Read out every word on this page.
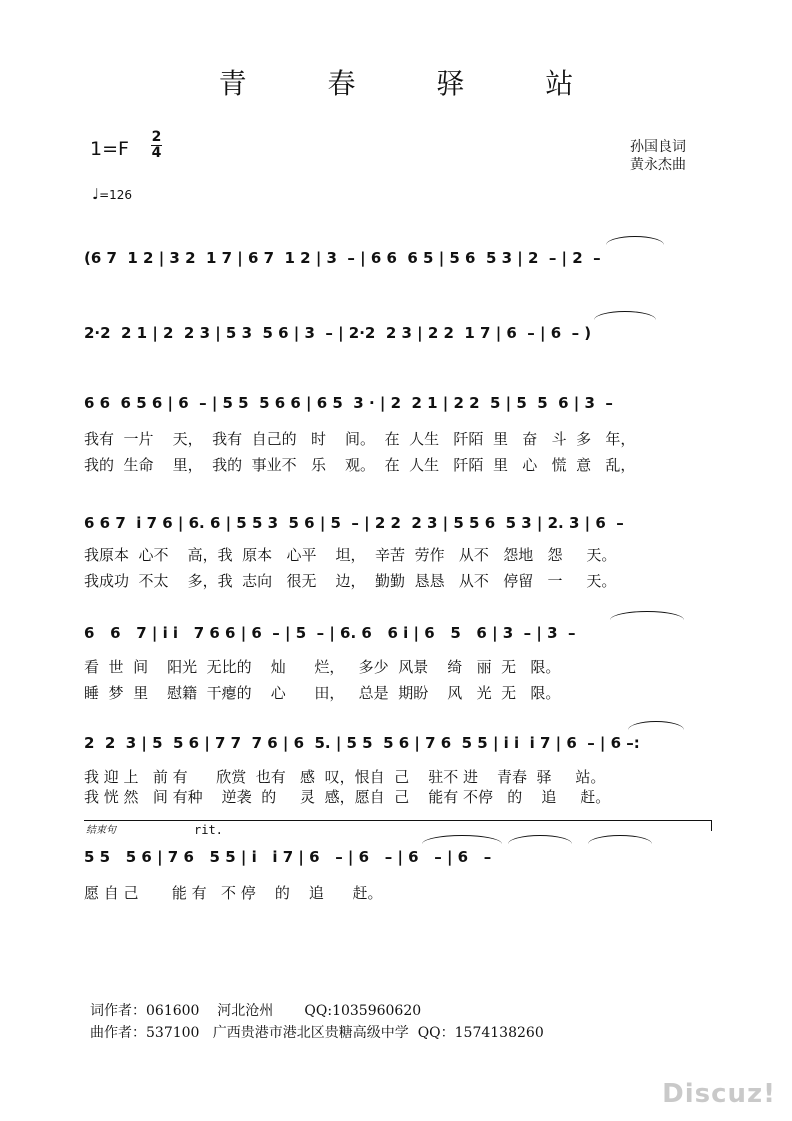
青 春 驿 站
1=F
2
4	孙国良词
黄永杰曲
♩=126
(6 7  1 2 | 3 2  1 7 | 6 7  1 2 | 3  – | 6 6  6 5 | 5 6  5 3 | 2  – | 2  –
2·2  2 1 | 2  2 3 | 5 3  5 6 | 3  – | 2·2  2 3 | 2 2  1 7 | 6  – | 6  – )
6 6  6 5 6 | 6  – | 5 5  5 6 6 | 6 5  3 · | 2  2 1 | 2 2  5 | 5  5  6 | 3  –
我有  一片    天，  我有  自己的   时    间。  在  人生   阡陌  里   奋   斗  多   年，
我的  生命    里，  我的  事业不   乐    观。  在  人生   阡陌  里   心   慌  意   乱，
6 6 7  i 7 6 | 6. 6 | 5 5 3  5 6 | 5  – | 2 2  2 3 | 5 5 6  5 3 | 2. 3 | 6  –
我原本  心不    高，我  原本   心平    坦，  辛苦  劳作   从不   怨地   怨     天。
我成功  不太    多，我  志向   很无    边，  勤勤  恳恳   从不   停留   一     天。
6   6   7 | i i   7 6 6 | 6  – | 5  – | 6. 6   6 i | 6   5   6 | 3  – | 3  –
看  世  间    阳光  无比的    灿      烂，   多少  风景    绮   丽  无   限。
睡  梦  里    慰籍  干瘪的    心      田，   总是  期盼    风   光  无   限。
2  2  3 | 5  5 6 | 7 7  7 6 | 6  5. | 5 5  5 6 | 7 6  5 5 | i i  i 7 | 6  – | 6 –:
我 迎 上   前 有      欣赏  也有   感  叹，恨自  己    驻不 进    青春  驿     站。
我 恍 然   间 有种    逆袭  的     灵  感，愿自  己    能有 不停   的    追     赶。
结束句	rit.
5 5   5 6 | 7 6   5 5 | i   i 7 | 6   – | 6   – | 6   – | 6   –
愿 自 己       能 有   不 停    的    追      赶。
词作者：061600    河北沧州       QQ:1035960620
曲作者：537100   广西贵港市港北区贵糖高级中学  QQ：1574138260
Discuz!
